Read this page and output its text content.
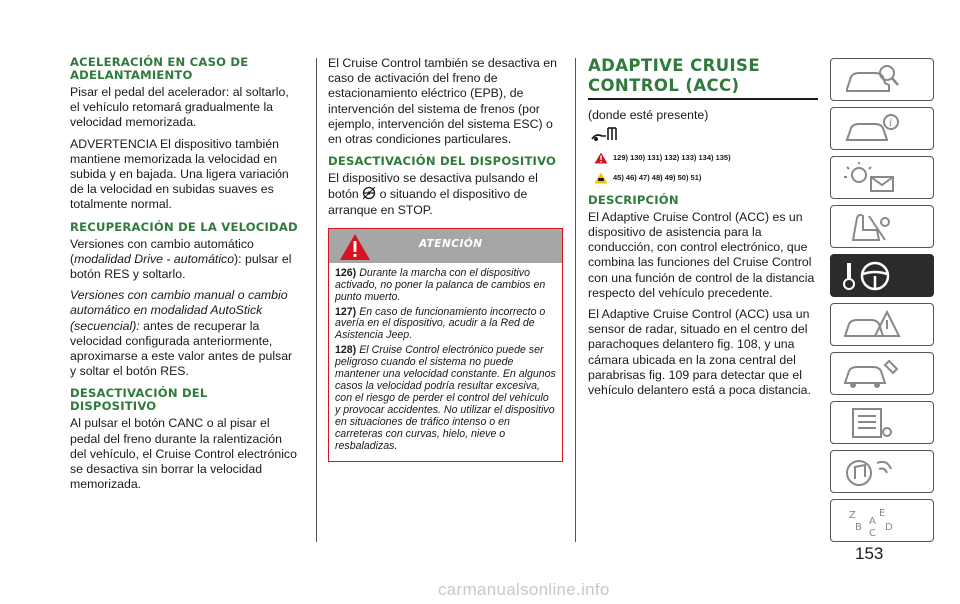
ACELERACIÓN EN CASO DE ADELANTAMIENTO

Pisar el pedal del acelerador: al soltarlo, el vehículo retomará gradualmente la velocidad memorizada.

ADVERTENCIA El dispositivo también mantiene memorizada la velocidad en subida y en bajada. Una ligera variación de la velocidad en subidas suaves es totalmente normal.

RECUPERACIÓN DE LA VELOCIDAD

Versiones con cambio automático (modalidad Drive - automático): pulsar el botón RES y soltarlo.

Versiones con cambio manual o cambio automático en modalidad AutoStick (secuencial): antes de recuperar la velocidad configurada anteriormente, aproximarse a este valor antes de pulsar y soltar el botón RES.

DESACTIVACIÓN DEL DISPOSITIVO

Al pulsar el botón CANC o al pisar el pedal del freno durante la ralentización del vehículo, el Cruise Control electrónico se desactiva sin borrar la velocidad memorizada.

El Cruise Control también se desactiva en caso de activación del freno de estacionamiento eléctrico (EPB), de intervención del sistema de frenos (por ejemplo, intervención del sistema ESC) o en otras condiciones particulares.

DESACTIVACIÓN DEL DISPOSITIVO

El dispositivo se desactiva pulsando el botón o situando el dispositivo de arranque en STOP.

ATENCIÓN
126) Durante la marcha con el dispositivo activado, no poner la palanca de cambios en punto muerto.
127) En caso de funcionamiento incorrecto o avería en el dispositivo, acudir a la Red de Asistencia Jeep.
128) El Cruise Control electrónico puede ser peligroso cuando el sistema no puede mantener una velocidad constante. En algunos casos la velocidad podría resultar excesiva, con el riesgo de perder el control del vehículo y provocar accidentes. No utilizar el dispositivo en situaciones de tráfico intenso o en carreteras con curvas, hielo, nieve o resbaladizas.
ADAPTIVE CRUISE CONTROL (ACC)

(donde esté presente)

129) 130) 131) 132) 133) 134) 135)
45) 46) 47) 48) 49) 50) 51)
DESCRIPCIÓN

El Adaptive Cruise Control (ACC) es un dispositivo de asistencia para la conducción, con control electrónico, que combina las funciones del Cruise Control con una función de control de la distancia respecto del vehículo precedente.

El Adaptive Cruise Control (ACC) usa un sensor de radar, situado en el centro del parachoques delantero fig. 108, y una cámara ubicada en la zona central del parabrisas fig. 109 para detectar que el vehículo delantero está a poca distancia.

i
Z E
B
C
D
A
153
carmanualsonline.info
